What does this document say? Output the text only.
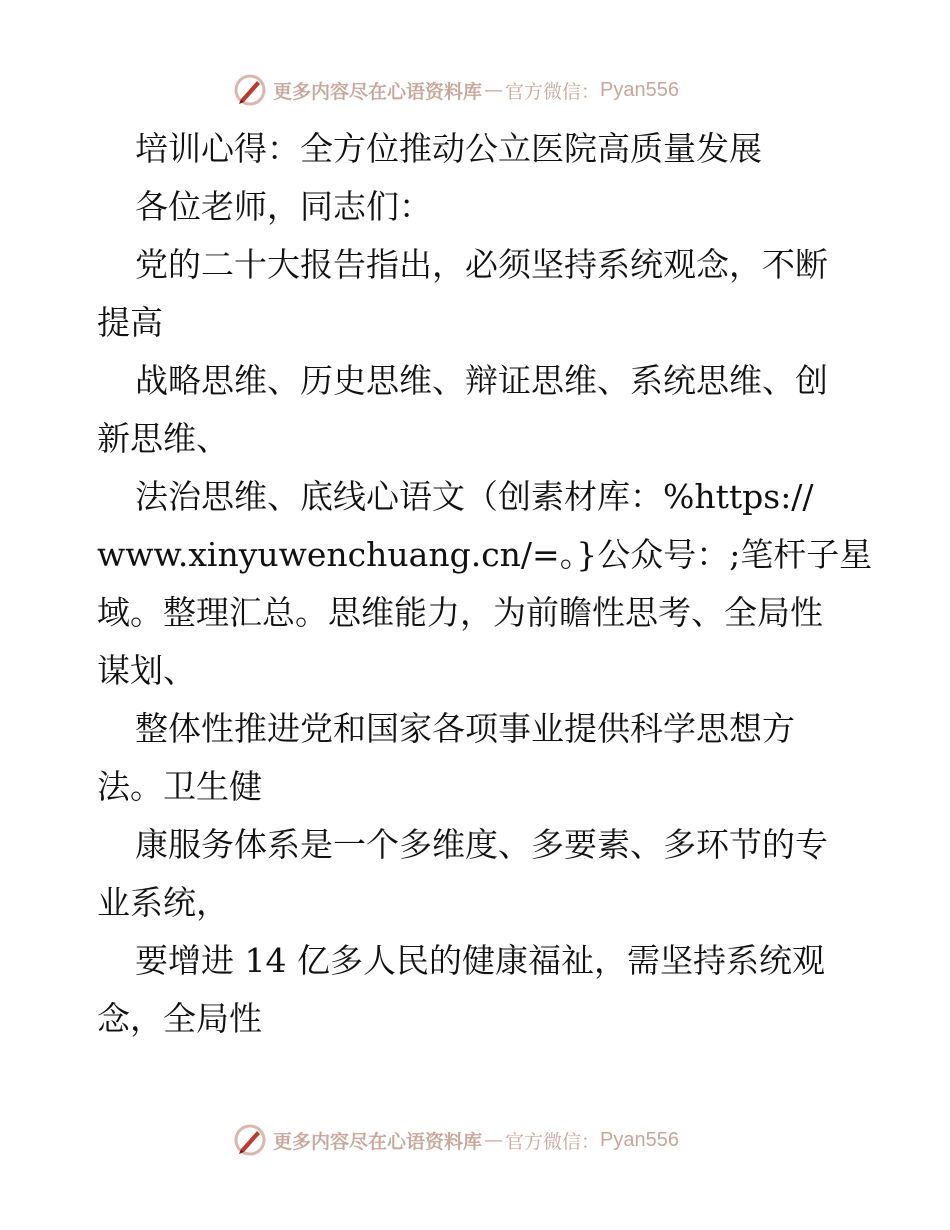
更多内容尽在心语资料库 — 官方微信： Pyan556
培训心得：全方位推动公立医院高质量发展
各位老师，同志们：
党的二十大报告指出，必须坚持系统观念，不断
提高
战略思维、历史思维、辩证思维、系统思维、创
新思维、
法治思维、底线心语文（创素材库：%https://
www.xinyuwenchuang.cn/=。}公众号：;笔杆子星
域。整理汇总。思维能力，为前瞻性思考、全局性
谋划、
整体性推进党和国家各项事业提供科学思想方
法。卫生健
康服务体系是一个多维度、多要素、多环节的专
业系统，
要增进 14 亿多人民的健康福祉，需坚持系统观
念，全局性
更多内容尽在心语资料库 — 官方微信： Pyan556
